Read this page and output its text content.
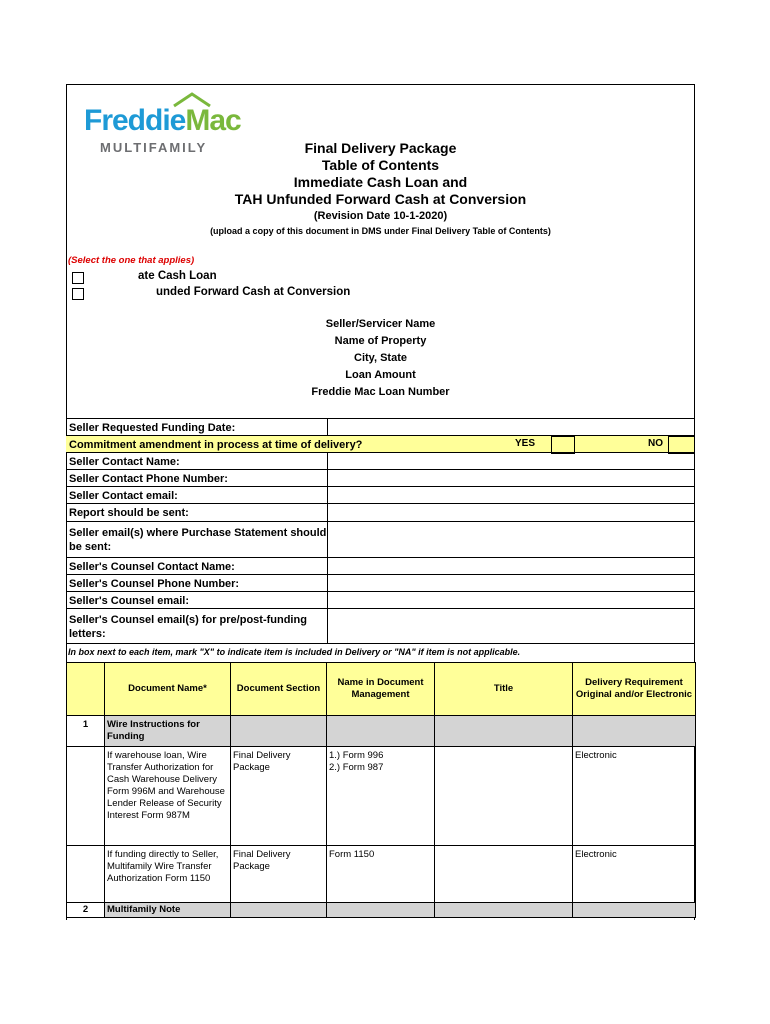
FreddieMac
MULTIFAMILY	Final Delivery Package
Table of Contents
Immediate Cash Loan and
TAH Unfunded Forward Cash at Conversion
(Revision Date 10-1-2020)
(upload a copy of this document in DMS under Final Delivery Table of Contents)
(Select the one that applies)
ate Cash Loan
unded Forward Cash at Conversion
Seller/Servicer Name
Name of Property
City, State
Loan Amount
Freddie Mac Loan Number
Seller Requested Funding Date:
Commitment amendment in process at time of delivery?	YES	NO
Seller Contact Name:
Seller Contact Phone Number:
Seller Contact email:
Report should be sent:
Seller email(s) where Purchase Statement should be sent:
Seller's Counsel Contact Name:
Seller's Counsel Phone Number:
Seller's Counsel email:
Seller's Counsel email(s) for pre/post-funding letters:
In box next to each item, mark "X" to indicate item is included in Delivery or "NA" if item is not applicable.
	Document Name*	Document Section	Name in Document Management	Title	Delivery Requirement Original and/or Electronic
1	Wire Instructions for Funding				
	If warehouse loan, Wire Transfer Authorization for Cash Warehouse Delivery Form 996M and Warehouse Lender Release of Security Interest Form 987M	Final Delivery Package	1.) Form 996
2.) Form 987		Electronic
	If funding directly to Seller, Multifamily Wire Transfer Authorization Form 1150	Final Delivery Package	Form 1150		Electronic
2	Multifamily Note				
